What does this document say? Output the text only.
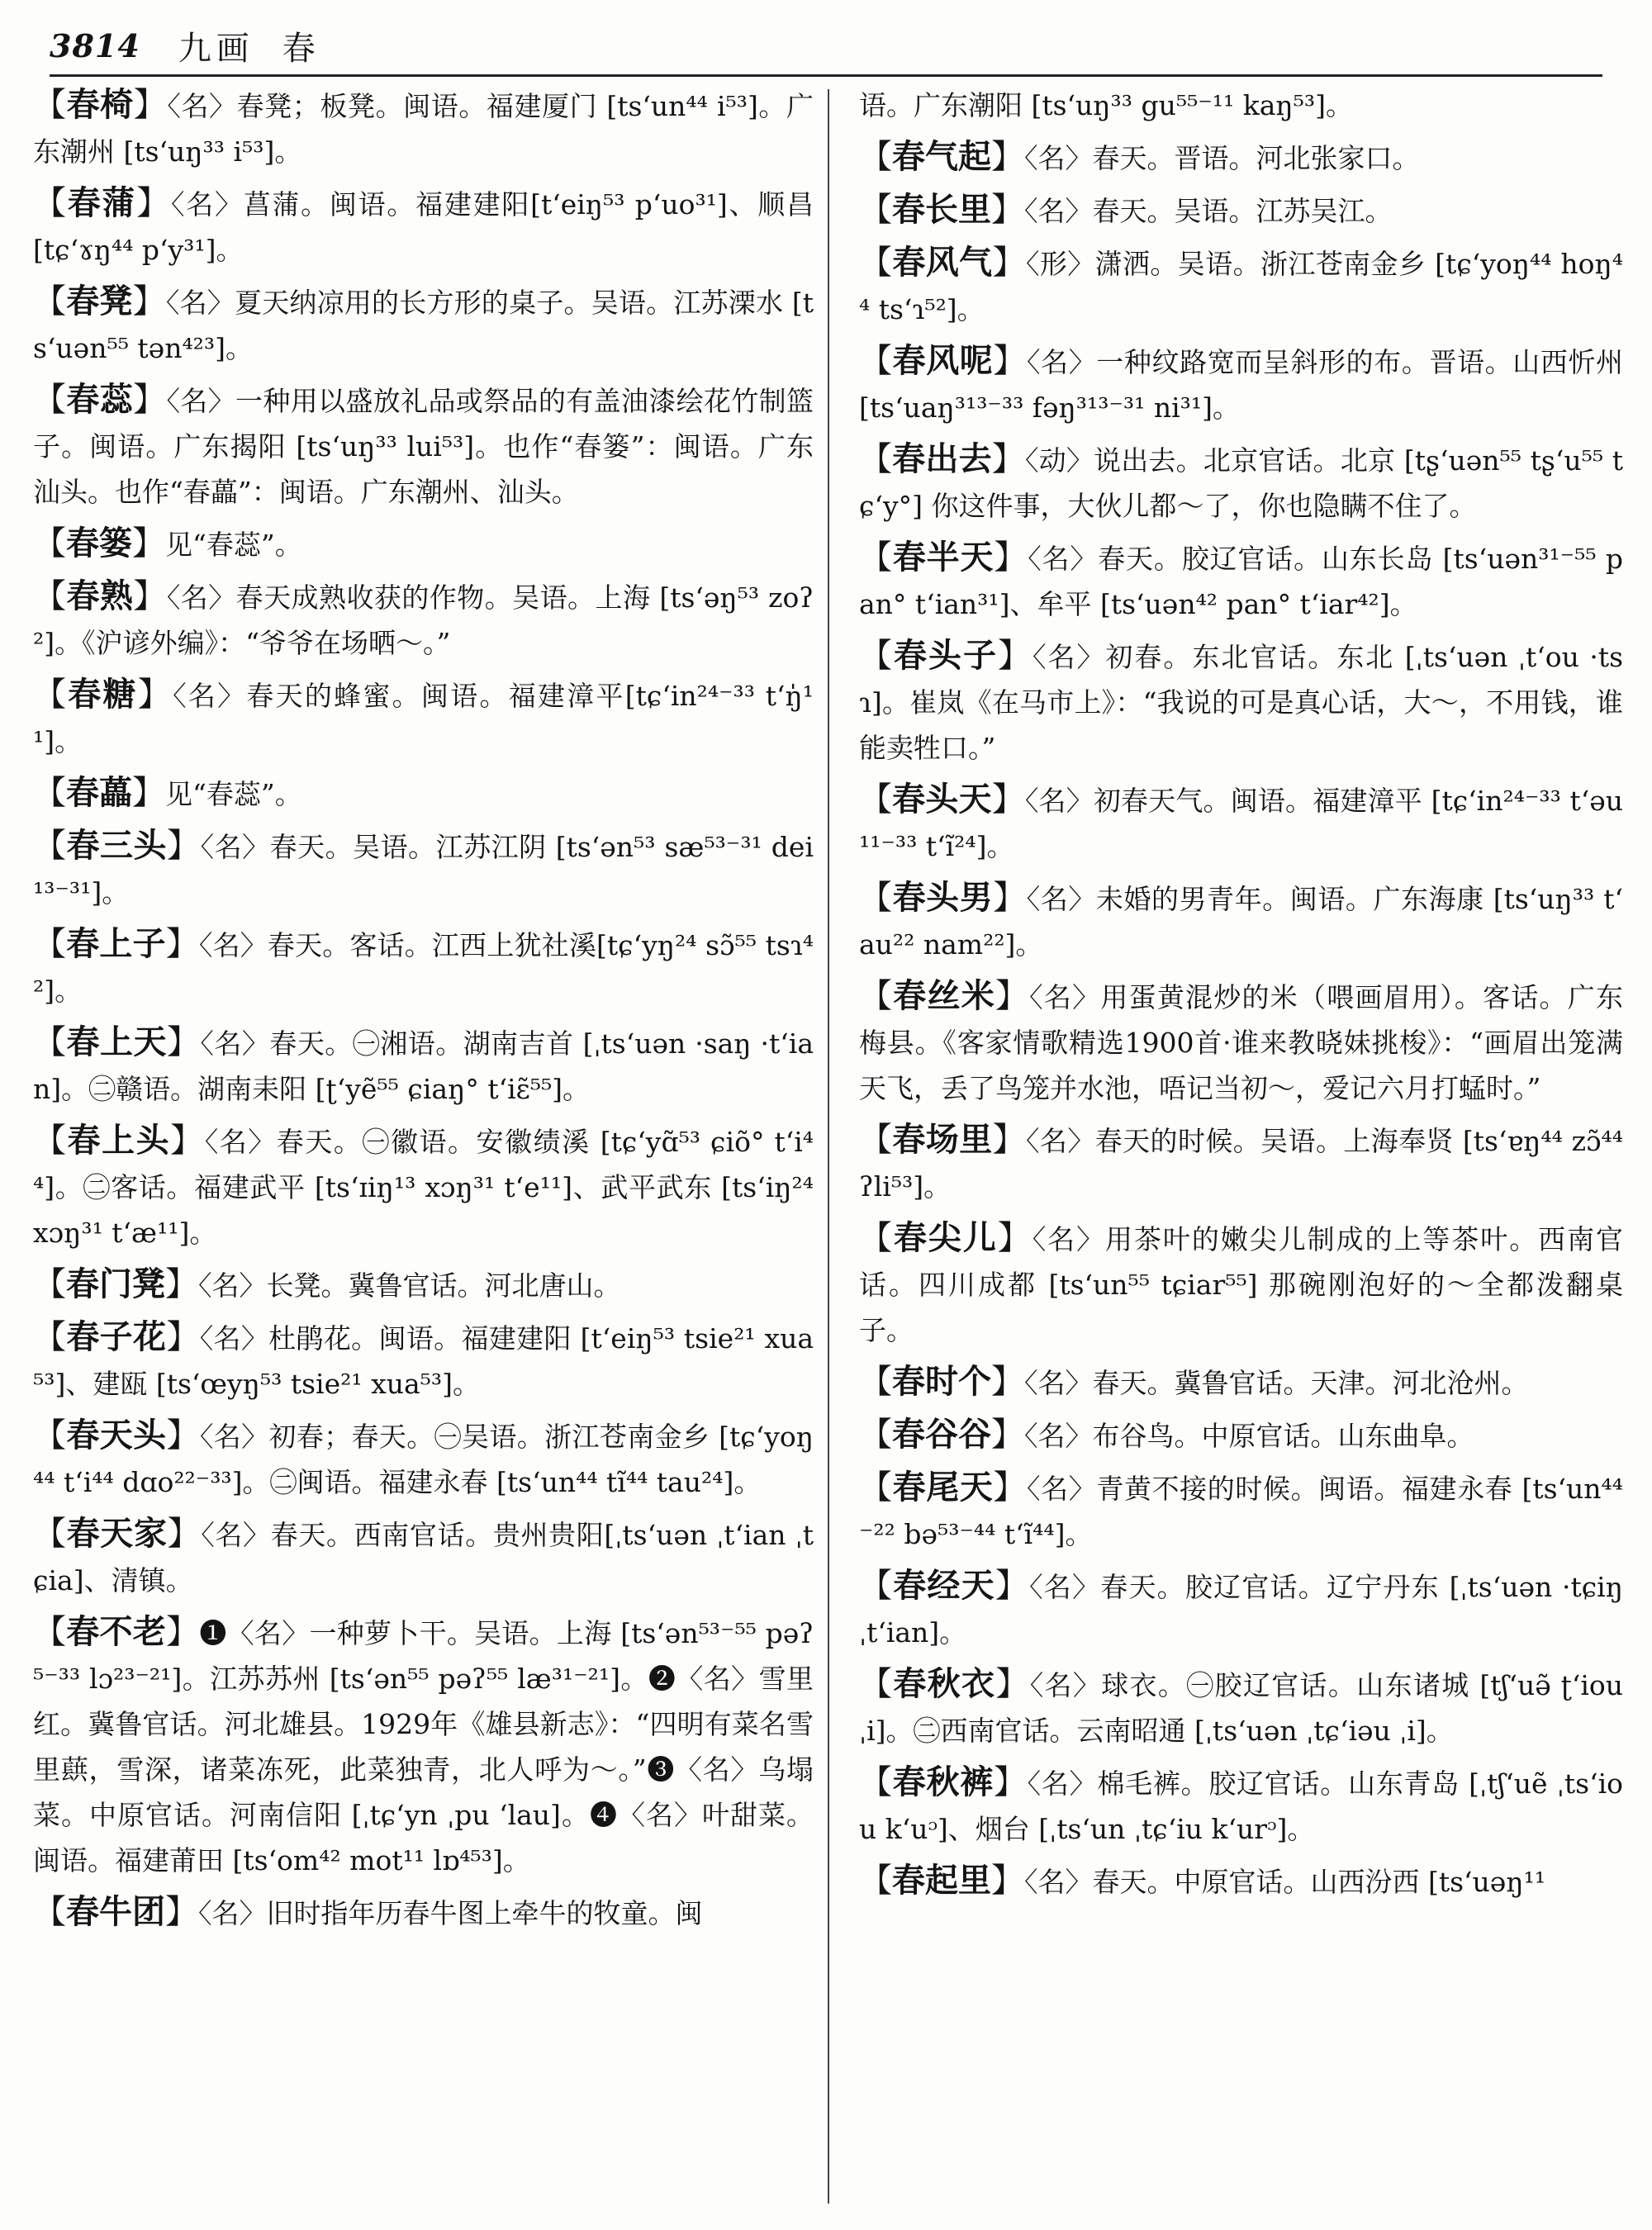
3814 九画 春
【 春椅 】 〈名〉春凳；板凳。闽语。福建厦门 [tsʻun⁴⁴ i⁵³]。广东潮州 [tsʻuŋ³³ i⁵³]。
【 春蒲 】 〈名〉菖蒲。闽语。福建建阳[tʻeiŋ⁵³ pʻuo³¹]、顺昌 [tɕʻɤŋ⁴⁴ pʻy³¹]。
【 春凳 】 〈名〉夏天纳凉用的长方形的桌子。吴语。江苏溧水 [tsʻuən⁵⁵ tən⁴²³]。
【 春蕊 】 〈名〉一种用以盛放礼品或祭品的有盖油漆绘花竹制篮子。闽语。广东揭阳 [tsʻuŋ³³ lui⁵³]。也作“春篓”：闽语。广东汕头。也作“春藟”：闽语。广东潮州、汕头。
【 春篓 】 见“春蕊”。
【 春熟 】 〈名〉春天成熟收获的作物。吴语。上海 [tsʻəŋ⁵³ zoʔ²]。《沪谚外编》：“爷爷在场晒～。”
【 春糖 】 〈名〉春天的蜂蜜。闽语。福建漳平[tɕʻin²⁴⁻³³ tʻŋ̍¹¹]。
【 春藟 】 见“春蕊”。
【 春三头 】 〈名〉春天。吴语。江苏江阴 [tsʻən⁵³ sæ⁵³⁻³¹ dei¹³⁻³¹]。
【 春上子 】 〈名〉春天。客话。江西上犹社溪[tɕʻyŋ²⁴ sɔ̃⁵⁵ tsɿ⁴²]。
【 春上天 】 〈名〉春天。㊀湘语。湖南吉首 [ˌtsʻuən ·saŋ ·tʻian]。㊁赣语。湖南耒阳 [ʈʻyẽ⁵⁵ ɕiaŋ° tʻiɛ̃⁵⁵]。
【 春上头 】 〈名〉春天。㊀徽语。安徽绩溪 [tɕʻyɑ̃⁵³ ɕiõ° tʻi⁴⁴]。㊁客话。福建武平 [tsʻɪiŋ¹³ xɔŋ³¹ tʻe¹¹]、武平武东 [tsʻiŋ²⁴ xɔŋ³¹ tʻæ¹¹]。
【 春门凳 】 〈名〉长凳。冀鲁官话。河北唐山。
【 春子花 】 〈名〉杜鹃花。闽语。福建建阳 [tʻeiŋ⁵³ tsie²¹ xua⁵³]、建瓯 [tsʻœyŋ⁵³ tsie²¹ xua⁵³]。
【 春天头 】 〈名〉初春；春天。㊀吴语。浙江苍南金乡 [tɕʻyoŋ⁴⁴ tʻi⁴⁴ dɑo²²⁻³³]。㊁闽语。福建永春 [tsʻun⁴⁴ tĩ⁴⁴ tau²⁴]。
【 春天家 】 〈名〉春天。西南官话。贵州贵阳[ˌtsʻuən ˌtʻian ˌtɕia]、清镇。
【 春不老 】 ❶〈名〉一种萝卜干。吴语。上海 [tsʻən⁵³⁻⁵⁵ pəʔ⁵⁻³³ lɔ²³⁻²¹]。江苏苏州 [tsʻən⁵⁵ pəʔ⁵⁵ læ³¹⁻²¹]。❷〈名〉雪里红。冀鲁官话。河北雄县。1929年《雄县新志》：“四明有菜名雪里蕻，雪深，诸菜冻死，此菜独青，北人呼为～。”❸〈名〉乌塌菜。中原官话。河南信阳 [ˌtɕʻyn ˌpu ʻlau]。❹〈名〉叶甜菜。闽语。福建莆田 [tsʻom⁴² mot¹¹ lɒ⁴⁵³]。
【 春牛团 】 〈名〉旧时指年历春牛图上牵牛的牧童。闽
语。广东潮阳 [tsʻuŋ³³ gu⁵⁵⁻¹¹ kaŋ⁵³]。
【 春气起 】 〈名〉春天。晋语。河北张家口。
【 春长里 】 〈名〉春天。吴语。江苏吴江。
【 春风气 】 〈形〉潇洒。吴语。浙江苍南金乡 [tɕʻyoŋ⁴⁴ hoŋ⁴⁴ tsʻɿ⁵²]。
【 春风呢 】 〈名〉一种纹路宽而呈斜形的布。晋语。山西忻州 [tsʻuaŋ³¹³⁻³³ fəŋ³¹³⁻³¹ ni³¹]。
【 春出去 】 〈动〉说出去。北京官话。北京 [tʂʻuən⁵⁵ tʂʻu⁵⁵ tɕʻy°] 你这件事，大伙儿都～了，你也隐瞒不住了。
【 春半天 】 〈名〉春天。胶辽官话。山东长岛 [tsʻuən³¹⁻⁵⁵ pan° tʻian³¹]、牟平 [tsʻuən⁴² pan° tʻiar⁴²]。
【 春头子 】 〈名〉初春。东北官话。东北 [ˌtsʻuən ˌtʻou ·tsɿ]。崔岚《在马市上》：“我说的可是真心话，大～，不用钱，谁能卖牲口。”
【 春头天 】 〈名〉初春天气。闽语。福建漳平 [tɕʻin²⁴⁻³³ tʻəu¹¹⁻³³ tʻĩ²⁴]。
【 春头男 】 〈名〉未婚的男青年。闽语。广东海康 [tsʻuŋ³³ tʻau²² nam²²]。
【 春丝米 】 〈名〉用蛋黄混炒的米（喂画眉用）。客话。广东梅县。《客家情歌精选1900首·谁来教晓妹挑梭》：“画眉出笼满天飞，丢了鸟笼并水池，唔记当初～，爱记六月打蜢时。”
【 春场里 】 〈名〉春天的时候。吴语。上海奉贤 [tsʻɐŋ⁴⁴ zɔ̃⁴⁴ ʔli⁵³]。
【 春尖儿 】 〈名〉用茶叶的嫩尖儿制成的上等茶叶。西南官话。四川成都 [tsʻun⁵⁵ tɕiar⁵⁵] 那碗刚泡好的～全都泼翻桌子。
【 春时个 】 〈名〉春天。冀鲁官话。天津。河北沧州。
【 春谷谷 】 〈名〉布谷鸟。中原官话。山东曲阜。
【 春尾天 】 〈名〉青黄不接的时候。闽语。福建永春 [tsʻun⁴⁴⁻²² bə⁵³⁻⁴⁴ tʻĩ⁴⁴]。
【 春经天 】 〈名〉春天。胶辽官话。辽宁丹东 [ˌtsʻuən ·tɕiŋ ˌtʻian]。
【 春秋衣 】 〈名〉球衣。㊀胶辽官话。山东诸城 [tʃʻuə̃ ʈʻiou ˌi]。㊁西南官话。云南昭通 [ˌtsʻuən ˌtɕʻiəu ˌi]。
【 春秋裤 】 〈名〉棉毛裤。胶辽官话。山东青岛 [ˌtʃʻuẽ ˌtsʻiou kʻuᵓ]、烟台 [ˌtsʻun ˌtɕʻiu kʻurᵓ]。
【 春起里 】 〈名〉春天。中原官话。山西汾西 [tsʻuəŋ¹¹
